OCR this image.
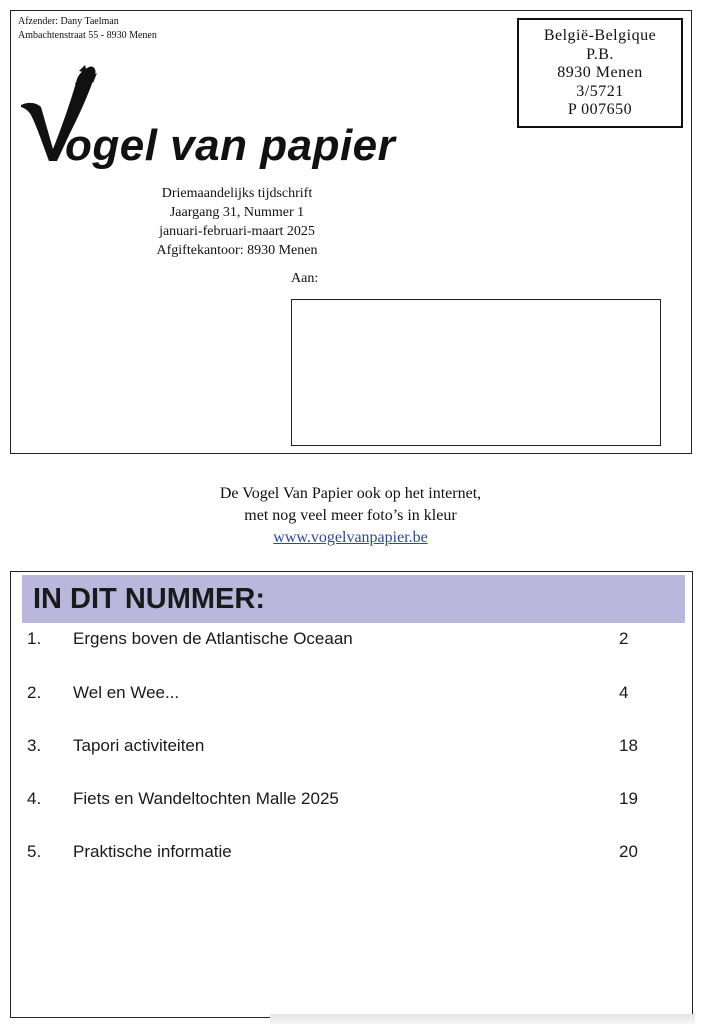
Afzender: Dany Taelman
Ambachtenstraat 55 - 8930 Menen	België-Belgique
P.B.
8930 Menen
3/5721
P 007650
ogel van papier
Driemaandelijks tijdschrift
Jaargang 31, Nummer 1
januari-februari-maart 2025
Afgiftekantoor: 8930 Menen
Aan:
De Vogel Van Papier ook op het internet,
met nog veel meer foto’s in kleur
www.vogelvanpapier.be
IN DIT NUMMER:
1. Ergens boven de Atlantische Oceaan	2
2. Wel en Wee...	4
3. Tapori activiteiten	18
4. Fiets en Wandeltochten Malle 2025	19
5. Praktische informatie	20
